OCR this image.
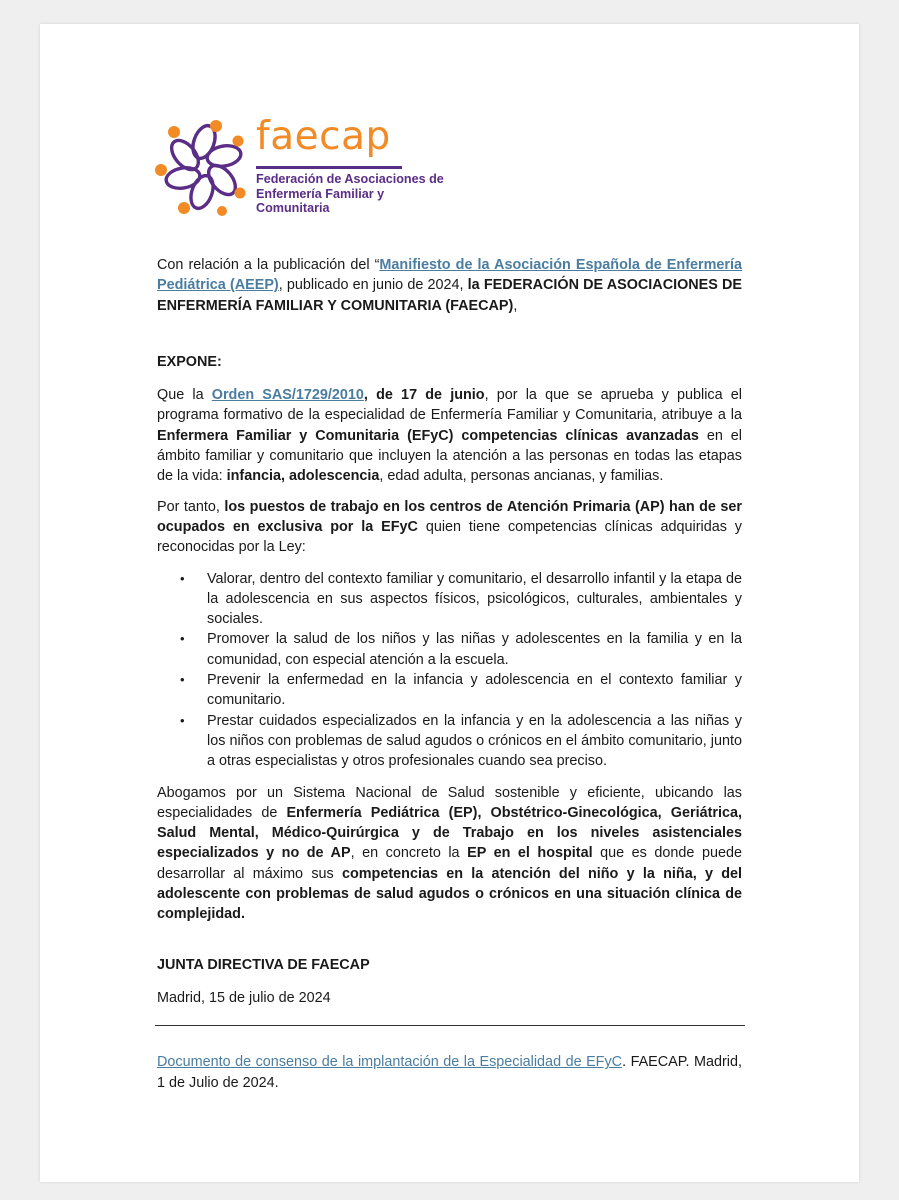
faecap
Federación de Asociaciones de Enfermería Familiar y Comunitaria

Con relación a la publicación del “Manifiesto de la Asociación Española de Enfermería Pediátrica (AEEP), publicado en junio de 2024, la FEDERACIÓN DE ASOCIACIONES DE ENFERMERÍA FAMILIAR Y COMUNITARIA (FAECAP),

EXPONE:

Que la Orden SAS/1729/2010, de 17 de junio, por la que se aprueba y publica el programa formativo de la especialidad de Enfermería Familiar y Comunitaria, atribuye a la Enfermera Familiar y Comunitaria (EFyC) competencias clínicas avanzadas en el ámbito familiar y comunitario que incluyen la atención a las personas en todas las etapas de la vida: infancia, adolescencia, edad adulta, personas ancianas, y familias.

Por tanto, los puestos de trabajo en los centros de Atención Primaria (AP) han de ser ocupados en exclusiva por la EFyC quien tiene competencias clínicas adquiridas y reconocidas por la Ley:

• Valorar, dentro del contexto familiar y comunitario, el desarrollo infantil y la etapa de la adolescencia en sus aspectos físicos, psicológicos, culturales, ambientales y sociales.
• Promover la salud de los niños y las niñas y adolescentes en la familia y en la comunidad, con especial atención a la escuela.
• Prevenir la enfermedad en la infancia y adolescencia en el contexto familiar y comunitario.
• Prestar cuidados especializados en la infancia y en la adolescencia a las niñas y los niños con problemas de salud agudos o crónicos en el ámbito comunitario, junto a otras especialistas y otros profesionales cuando sea preciso.

Abogamos por un Sistema Nacional de Salud sostenible y eficiente, ubicando las especialidades de Enfermería Pediátrica (EP), Obstétrico-Ginecológica, Geriátrica, Salud Mental, Médico-Quirúrgica y de Trabajo en los niveles asistenciales especializados y no de AP, en concreto la EP en el hospital que es donde puede desarrollar al máximo sus competencias en la atención del niño y la niña, y del adolescente con problemas de salud agudos o crónicos en una situación clínica de complejidad.

JUNTA DIRECTIVA DE FAECAP

Madrid, 15 de julio de 2024

Documento de consenso de la implantación de la Especialidad de EFyC. FAECAP. Madrid, 1 de Julio de 2024.
